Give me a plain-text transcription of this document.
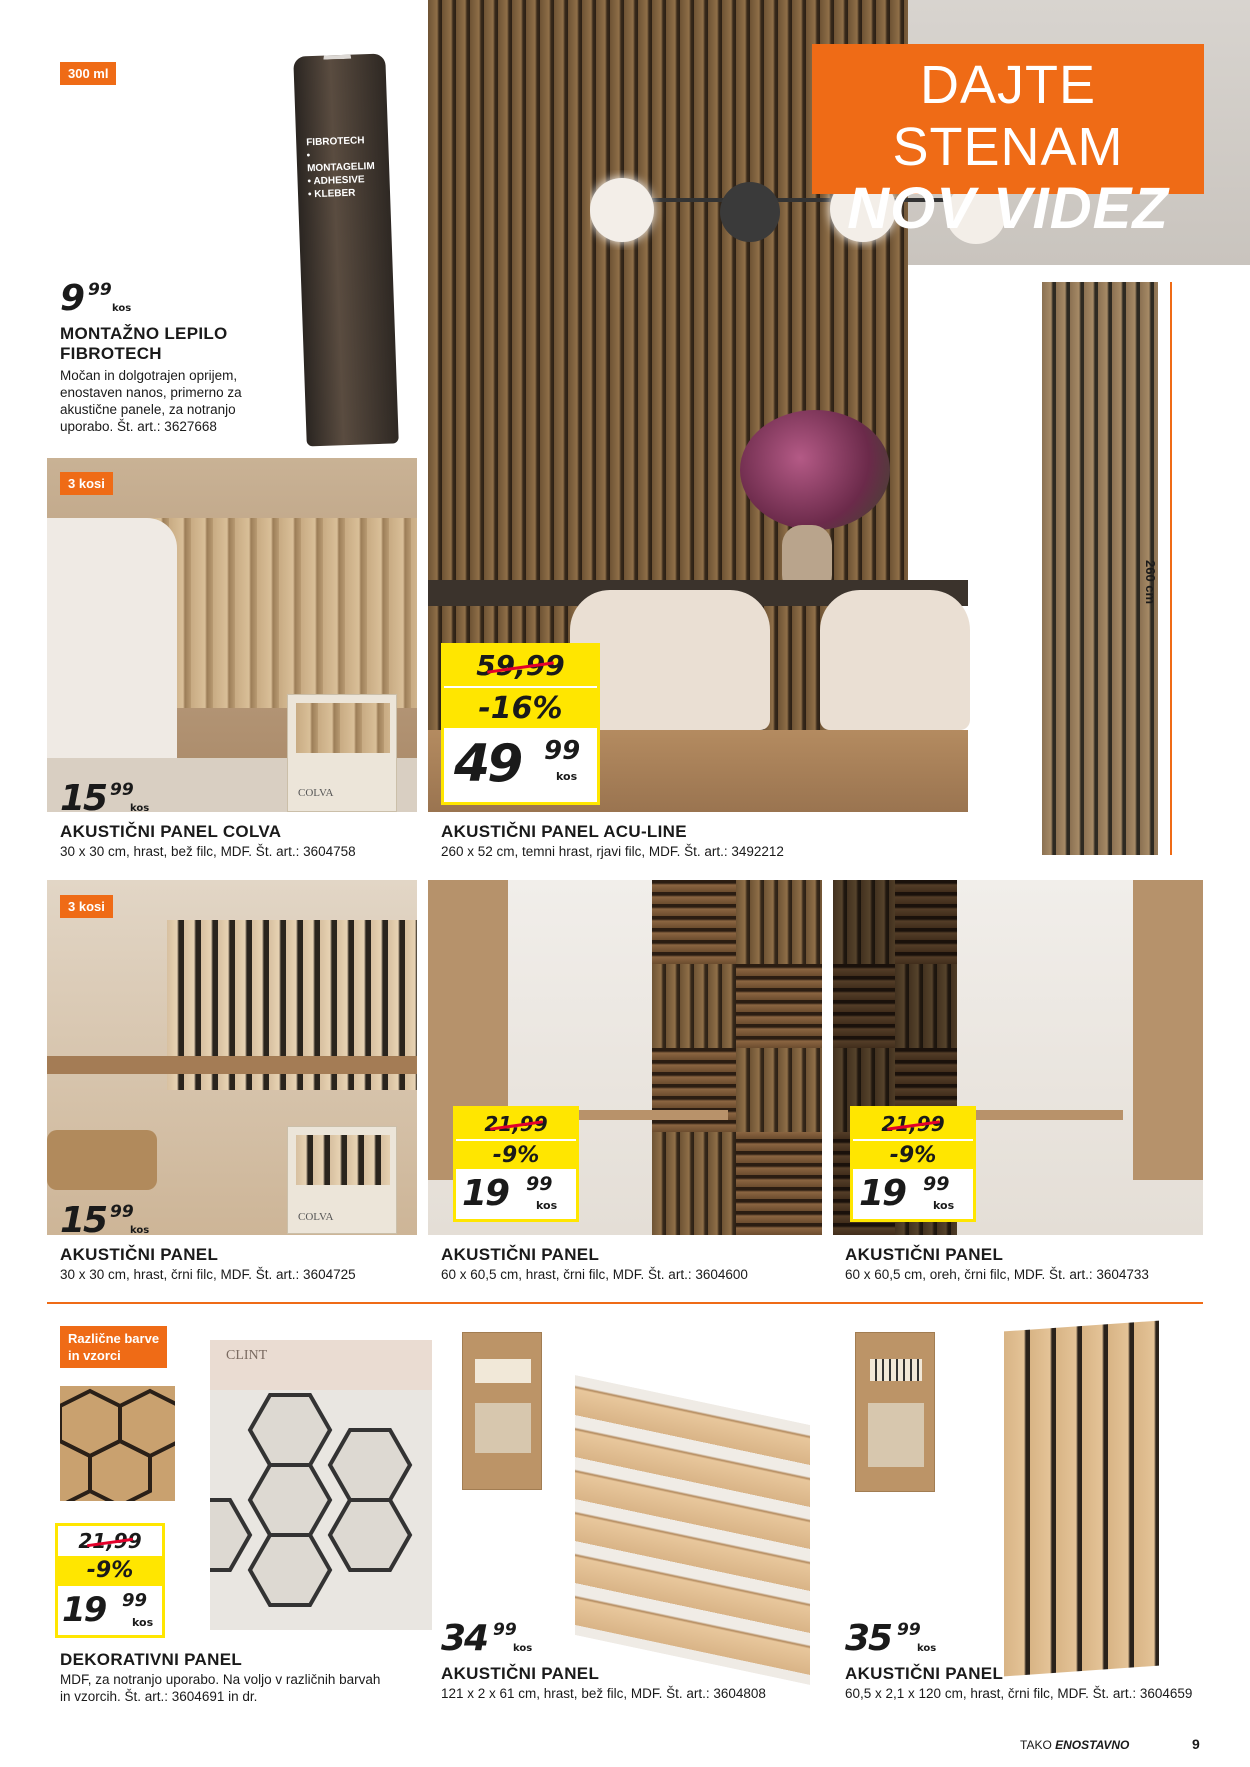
DAJTE STENAM
NOV VIDEZ
260 cm
59,99
-16%
49 99
kos
AKUSTIČNI PANEL ACU-LINE
260 x 52 cm, temni hrast, rjavi filc, MDF. Št. art.: 3492212
300 ml
FIBROTECH
• MONTAGELIM
• ADHESIVE
• KLEBER
9 99
kos
MONTAŽNO LEPILO
FIBROTECH
Močan in dolgotrajen oprijem,
enostaven nanos, primerno za
akustične panele, za notranjo
uporabo. Št. art.: 3627668
COLVA
3 kosi
15 99
kos
AKUSTIČNI PANEL COLVA
30 x 30 cm, hrast, bež filc, MDF. Št. art.: 3604758
COLVA
3 kosi
15 99
kos
AKUSTIČNI PANEL
30 x 30 cm, hrast, črni filc, MDF. Št. art.: 3604725
21,99
-9%
19 99
kos
AKUSTIČNI PANEL
60 x 60,5 cm, hrast, črni filc, MDF. Št. art.: 3604600
21,99
-9%
19 99
kos
AKUSTIČNI PANEL
60 x 60,5 cm, oreh, črni filc, MDF. Št. art.: 3604733
Različne barve
in vzorci	CLINT
21,99
-9%
19 99
kos
DEKORATIVNI PANEL
MDF, za notranjo uporabo. Na voljo v različnih barvah
in vzorcih. Št. art.: 3604691 in dr.
34 99
kos
AKUSTIČNI PANEL
121 x 2 x 61 cm, hrast, bež filc, MDF. Št. art.: 3604808
35 99
kos
AKUSTIČNI PANEL
60,5 x 2,1 x 120 cm, hrast, črni filc, MDF. Št. art.: 3604659
TAKO ENOSTAVNO	9
